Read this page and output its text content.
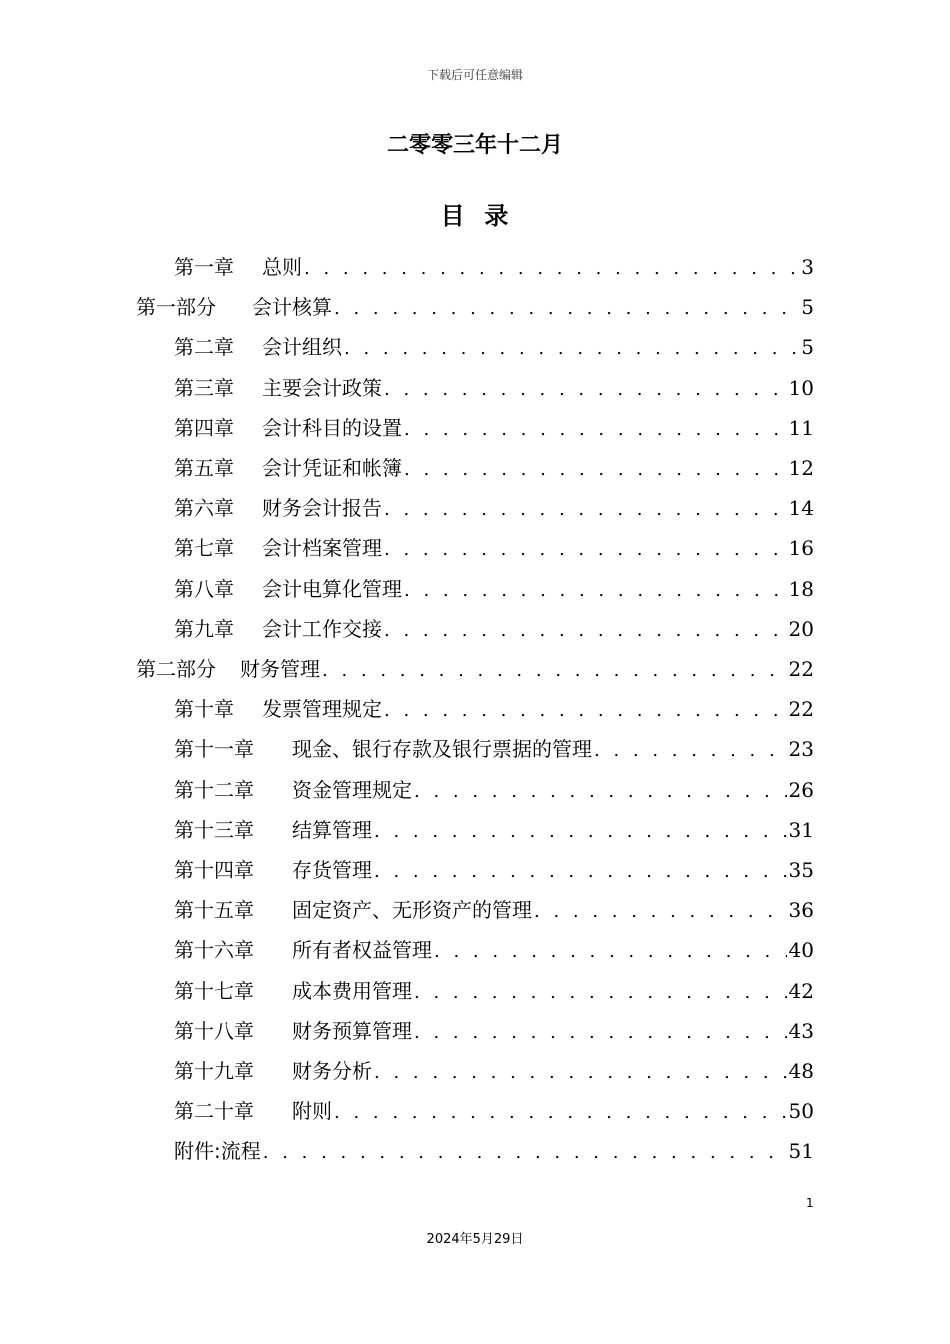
下载后可任意编辑
二零零三年十二月
目  录
第一章 总则 . . .	3
第一部分 会计核算 . . .	5
第二章 会计组织 . . .	5
第三章 主要会计政策 . . .	10
第四章 会计科目的设置 . . .	11
第五章 会计凭证和帐簿 . . .	12
第六章 财务会计报告 . . .	14
第七章 会计档案管理 . . .	16
第八章 会计电算化管理 . . .	18
第九章 会计工作交接 . . .	20
第二部分 财务管理 . . .	22
第十章 发票管理规定 . . .	22
第十一章 现金、银行存款及银行票据的管理 . . .	23
第十二章 资金管理规定 . . .	26
第十三章 结算管理 . . .	31
第十四章 存货管理 . . .	35
第十五章 固定资产、无形资产的管理 . . .	36
第十六章 所有者权益管理 . . .	40
第十七章 成本费用管理 . . .	42
第十八章 财务预算管理 . . .	43
第十九章 财务分析 . . .	48
第二十章 附则 . . .	50
附件:流程 . . .	51
1
2024年5月29日
